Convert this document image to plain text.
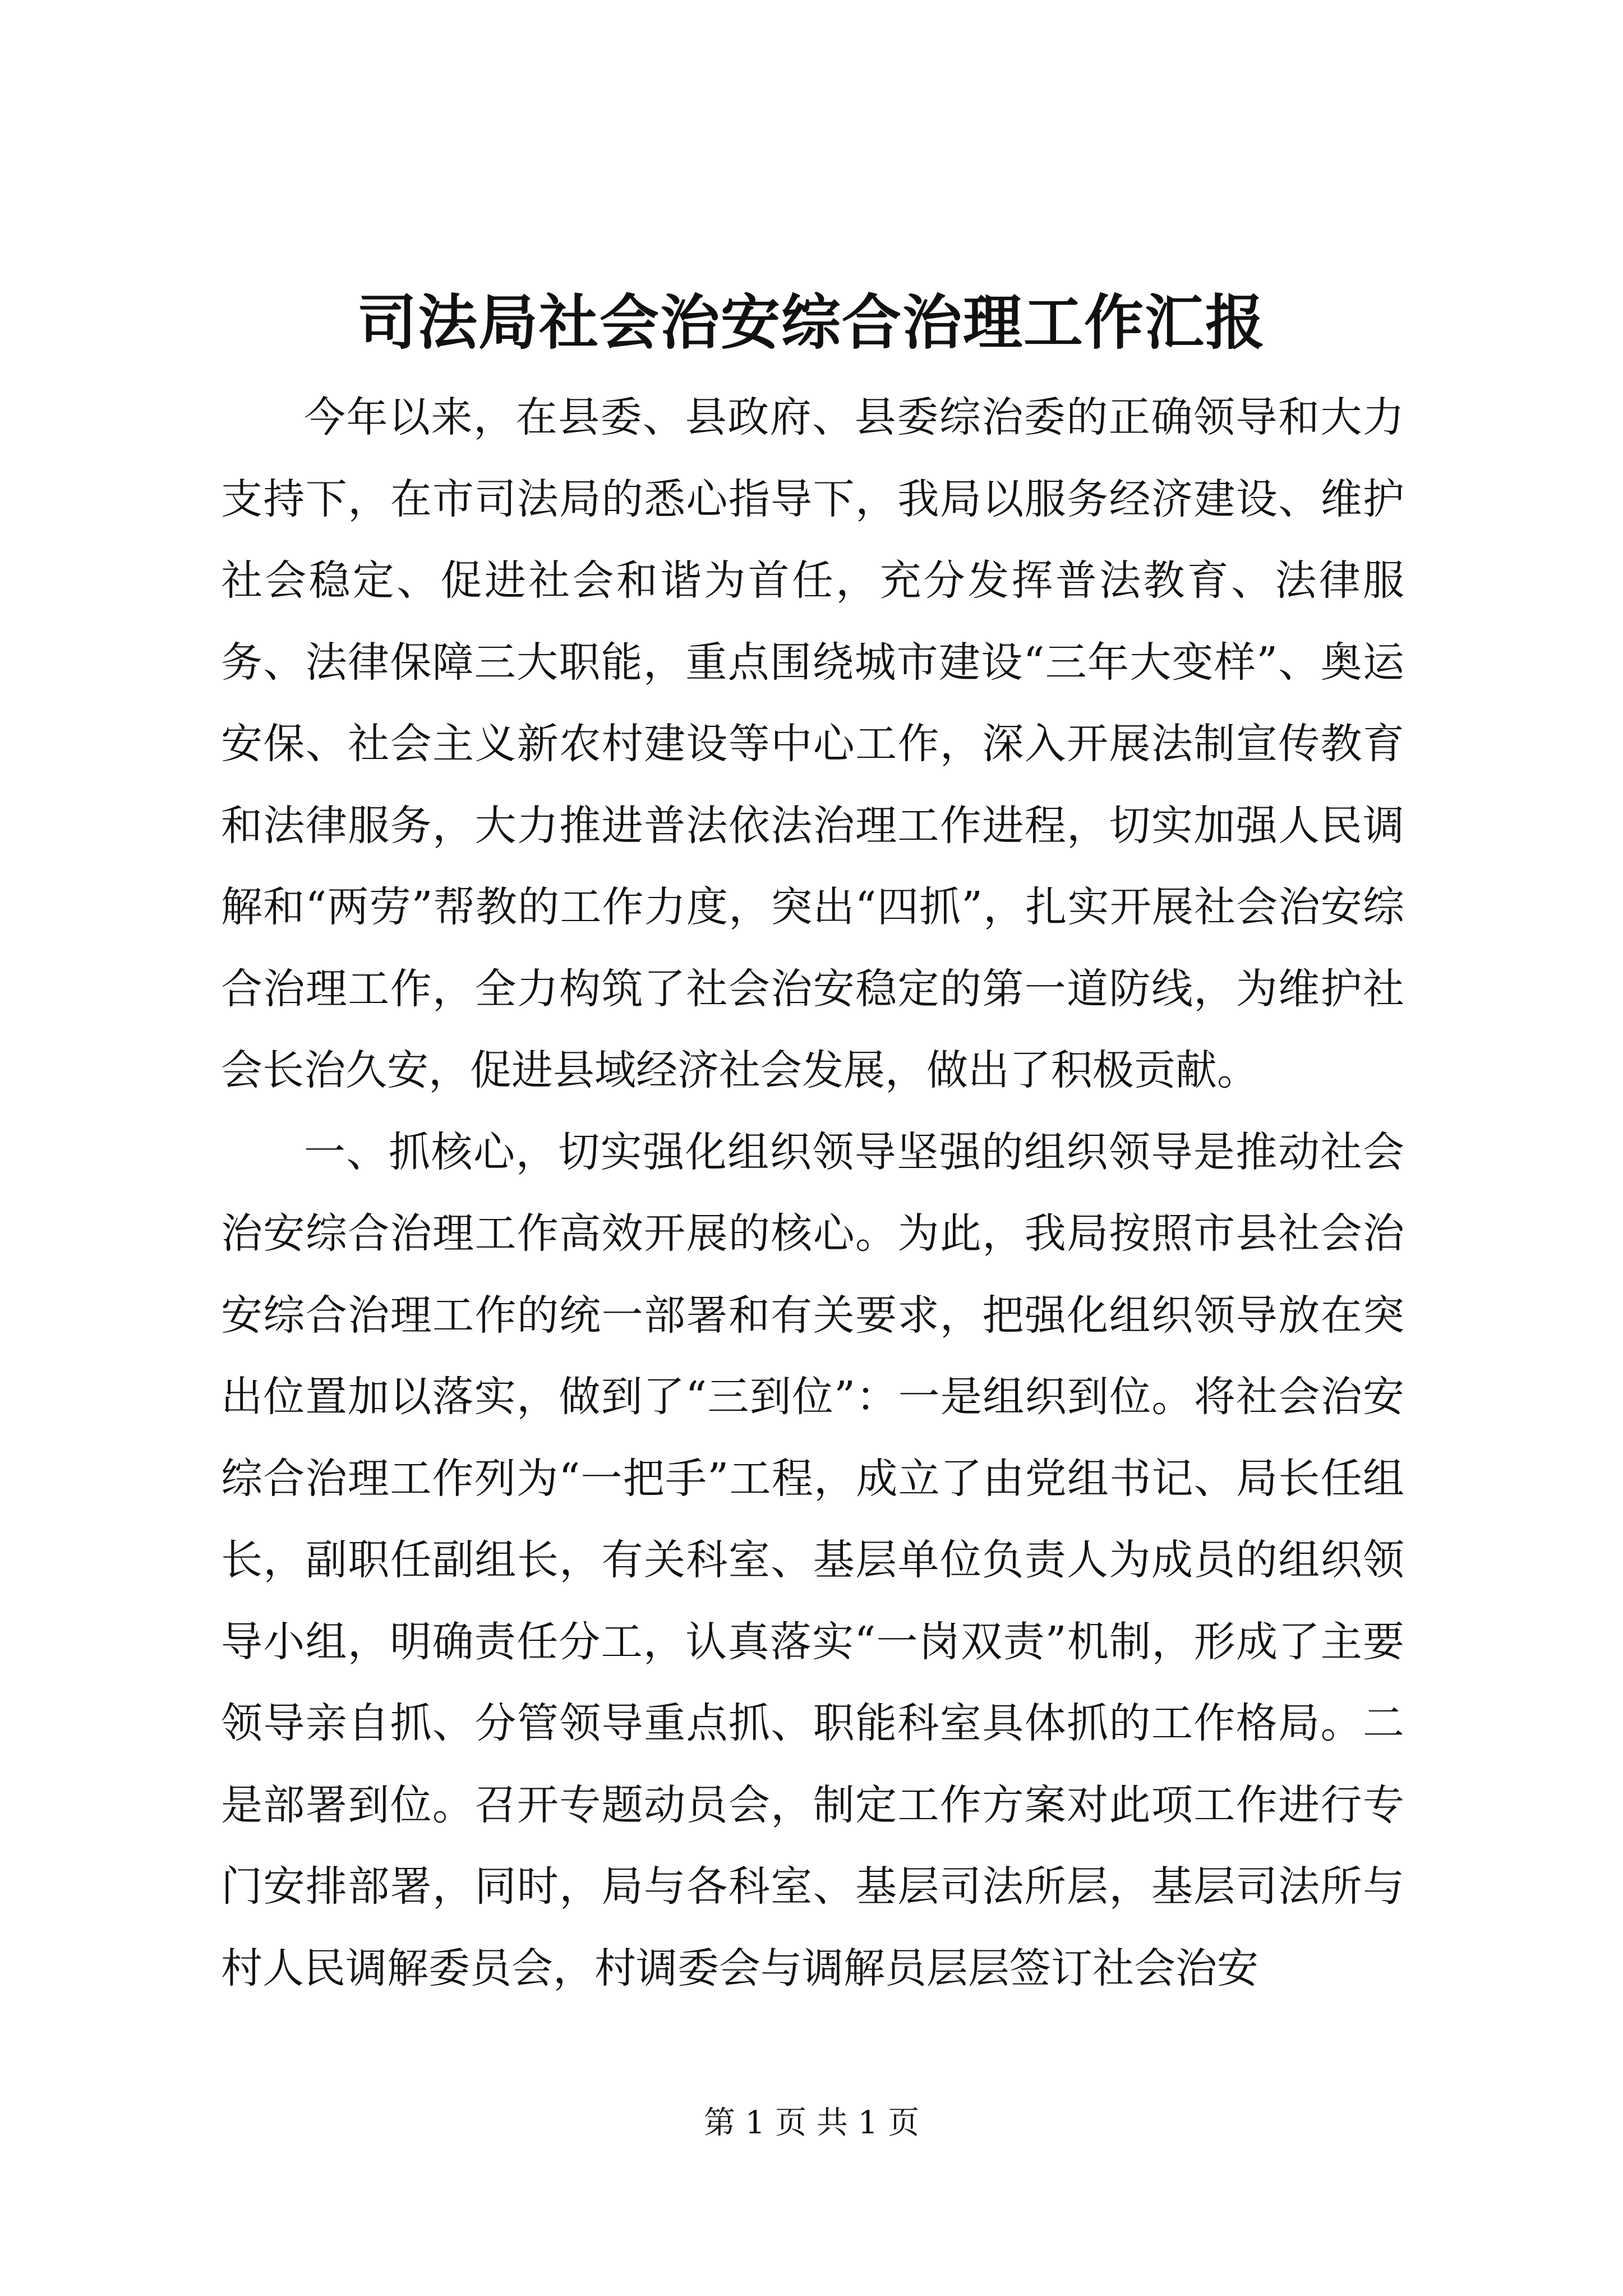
司法局社会治安综合治理工作汇报

今年以来，在县委、县政府、县委综治委的正确领导和大力支持下，在市司法局的悉心指导下，我局以服务经济建设、维护社会稳定、促进社会和谐为首任，充分发挥普法教育、法律服务、法律保障三大职能，重点围绕城市建设“三年大变样”、奥运安保、社会主义新农村建设等中心工作，深入开展法制宣传教育和法律服务，大力推进普法依法治理工作进程，切实加强人民调解和“两劳”帮教的工作力度，突出“四抓”，扎实开展社会治安综合治理工作，全力构筑了社会治安稳定的第一道防线，为维护社会长治久安，促进县域经济社会发展，做出了积极贡献。

一、抓核心，切实强化组织领导坚强的组织领导是推动社会治安综合治理工作高效开展的核心。为此，我局按照市县社会治安综合治理工作的统一部署和有关要求，把强化组织领导放在突出位置加以落实，做到了“三到位”：一是组织到位。将社会治安综合治理工作列为“一把手”工程，成立了由党组书记、局长任组长，副职任副组长，有关科室、基层单位负责人为成员的组织领导小组，明确责任分工，认真落实“一岗双责”机制，形成了主要领导亲自抓、分管领导重点抓、职能科室具体抓的工作格局。二是部署到位。召开专题动员会，制定工作方案对此项工作进行专门安排部署，同时，局与各科室、基层司法所层，基层司法所与村人民调解委员会，村调委会与调解员层层签订社会治安

第 1 页 共 1 页
